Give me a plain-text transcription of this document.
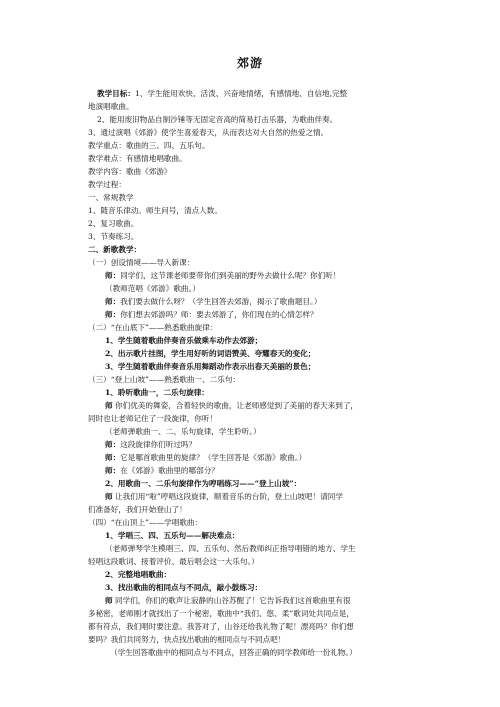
郊游
教学目标：1、学生能用欢快、活泼、兴奋地情绪，有感情地、自信地,完整
地演唱歌曲。
2、能用废旧物品自制沙锤等无固定音高的简易打击乐器，为歌曲伴奏。
3、通过演唱《郊游》使学生喜爱春天，从而表达对大自然的热爱之情。
教学重点：歌曲的三、四、五乐句。
教学难点：有感情地唱歌曲。
教学内容：歌曲《郊游》
教学过程：
一、常规教学
1、随音乐律动。师生问号，清点人数。
2、复习歌曲。
3、节奏练习。
二、新歌教学：
（一）创设情境——导入新课：
师：同学们，这节课老师要带你们到美丽的野外去做什么呢？你们听！
（教师范唱《郊游》歌曲。）
师：我们要去做什么呀？（学生回答去郊游，揭示了歌曲题目。）
师：你们想去郊游吗？师：要去郊游了，你们现在的心情怎样？
（二）“在山底下”——熟悉歌曲旋律：
1、学生随着歌曲伴奏音乐做乘车动作去郊游；
2、出示歌片挂图，学生用好听的词语赞美、夸耀春天的变化；
3、学生随着歌曲伴奏音乐用舞蹈动作表示出春天美丽的景色；
（三）“登上山坡”——熟悉歌曲一、二乐句：
1、聆听歌曲一，二乐句旋律：
师 你们优美的舞姿，合着轻快的歌曲，让老师感觉到了美丽的春天来到了，
同时也让老师记住了一段旋律，你听！
（老师弹歌曲一、二、乐句旋律，学生聆听。）
师：这段旋律你们听过吗？
师：它是哪首歌曲里的旋律？（学生回答是《郊游》歌曲。）
师：在《郊游》歌曲里的哪部分？
2、用歌曲一、二乐句旋律作为哼唱练习——“登上山坡”：
师 让我们用“啦”哼唱这段旋律，顺着音乐的台阶，登上山坡吧！请同学
们准备好，我们开始登山了！
（四）“在山顶上”——学唱歌曲：
1、学唱三、四、五乐句——解决难点：
（老师弹琴学生模唱三、四、五乐句、然后教师纠正指导唱错的地方、学生
轻唱这段歌词、接着评价、最后唱会这一大乐句。）
2、完整地唱歌曲：
3、找出歌曲的相同点与不同点，敲小鼓练习：
师 同学们，你们的歌声让寂静的山谷苏醒了！它告诉我们这首歌曲里有很
多秘密，老师刚才就找出了一个秘密，歌曲中“我们、悠、柔”歌词处共同点是，
都有符点，我们唱时要注意。我答对了，山谷还给我礼物了呢！漂亮吗？你们想
要吗？我们共同努力，快点找出歌曲的相同点与不同点吧！
（学生回答歌曲中的相同点与不同点，回答正确的同学教师给一份礼物。）
